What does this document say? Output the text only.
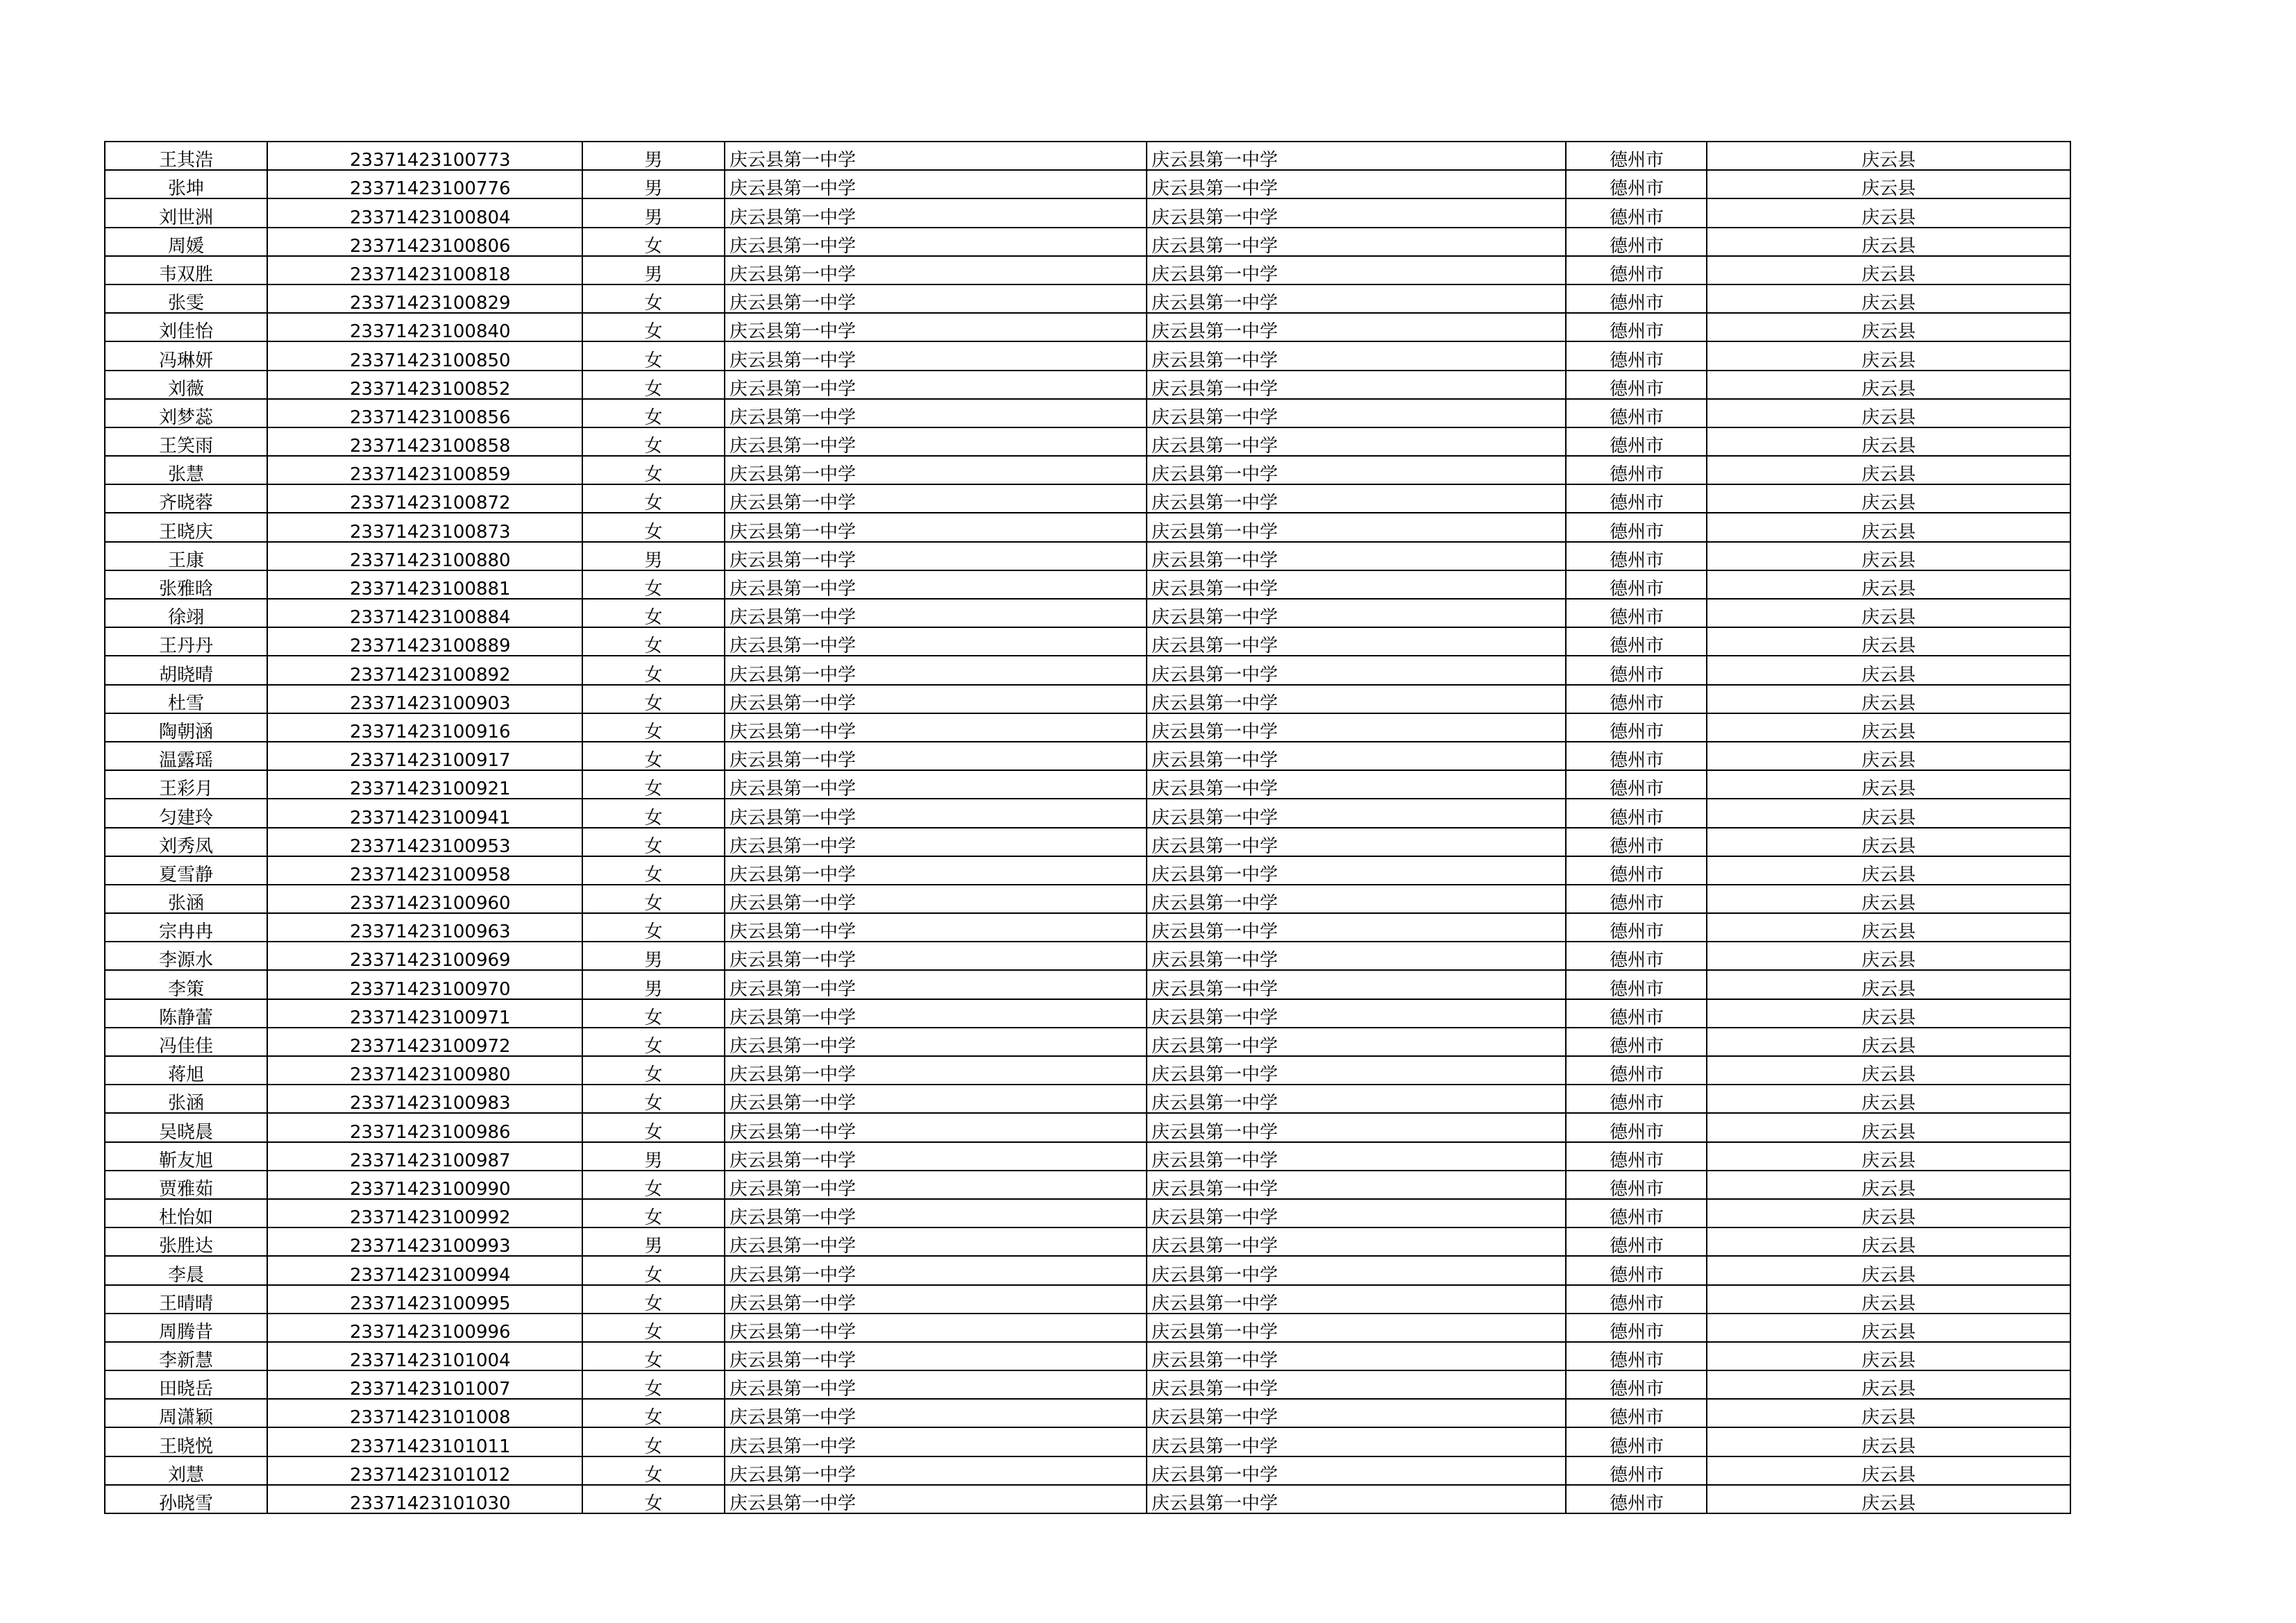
王其浩	23371423100773	男	庆云县第一中学	庆云县第一中学	德州市	庆云县
张坤	23371423100776	男	庆云县第一中学	庆云县第一中学	德州市	庆云县
刘世洲	23371423100804	男	庆云县第一中学	庆云县第一中学	德州市	庆云县
周媛	23371423100806	女	庆云县第一中学	庆云县第一中学	德州市	庆云县
韦双胜	23371423100818	男	庆云县第一中学	庆云县第一中学	德州市	庆云县
张雯	23371423100829	女	庆云县第一中学	庆云县第一中学	德州市	庆云县
刘佳怡	23371423100840	女	庆云县第一中学	庆云县第一中学	德州市	庆云县
冯琳妍	23371423100850	女	庆云县第一中学	庆云县第一中学	德州市	庆云县
刘薇	23371423100852	女	庆云县第一中学	庆云县第一中学	德州市	庆云县
刘梦蕊	23371423100856	女	庆云县第一中学	庆云县第一中学	德州市	庆云县
王笑雨	23371423100858	女	庆云县第一中学	庆云县第一中学	德州市	庆云县
张慧	23371423100859	女	庆云县第一中学	庆云县第一中学	德州市	庆云县
齐晓蓉	23371423100872	女	庆云县第一中学	庆云县第一中学	德州市	庆云县
王晓庆	23371423100873	女	庆云县第一中学	庆云县第一中学	德州市	庆云县
王康	23371423100880	男	庆云县第一中学	庆云县第一中学	德州市	庆云县
张雅晗	23371423100881	女	庆云县第一中学	庆云县第一中学	德州市	庆云县
徐翊	23371423100884	女	庆云县第一中学	庆云县第一中学	德州市	庆云县
王丹丹	23371423100889	女	庆云县第一中学	庆云县第一中学	德州市	庆云县
胡晓晴	23371423100892	女	庆云县第一中学	庆云县第一中学	德州市	庆云县
杜雪	23371423100903	女	庆云县第一中学	庆云县第一中学	德州市	庆云县
陶朝涵	23371423100916	女	庆云县第一中学	庆云县第一中学	德州市	庆云县
温露瑶	23371423100917	女	庆云县第一中学	庆云县第一中学	德州市	庆云县
王彩月	23371423100921	女	庆云县第一中学	庆云县第一中学	德州市	庆云县
匀建玲	23371423100941	女	庆云县第一中学	庆云县第一中学	德州市	庆云县
刘秀凤	23371423100953	女	庆云县第一中学	庆云县第一中学	德州市	庆云县
夏雪静	23371423100958	女	庆云县第一中学	庆云县第一中学	德州市	庆云县
张涵	23371423100960	女	庆云县第一中学	庆云县第一中学	德州市	庆云县
宗冉冉	23371423100963	女	庆云县第一中学	庆云县第一中学	德州市	庆云县
李源水	23371423100969	男	庆云县第一中学	庆云县第一中学	德州市	庆云县
李策	23371423100970	男	庆云县第一中学	庆云县第一中学	德州市	庆云县
陈静蕾	23371423100971	女	庆云县第一中学	庆云县第一中学	德州市	庆云县
冯佳佳	23371423100972	女	庆云县第一中学	庆云县第一中学	德州市	庆云县
蒋旭	23371423100980	女	庆云县第一中学	庆云县第一中学	德州市	庆云县
张涵	23371423100983	女	庆云县第一中学	庆云县第一中学	德州市	庆云县
吴晓晨	23371423100986	女	庆云县第一中学	庆云县第一中学	德州市	庆云县
靳友旭	23371423100987	男	庆云县第一中学	庆云县第一中学	德州市	庆云县
贾雅茹	23371423100990	女	庆云县第一中学	庆云县第一中学	德州市	庆云县
杜怡如	23371423100992	女	庆云县第一中学	庆云县第一中学	德州市	庆云县
张胜达	23371423100993	男	庆云县第一中学	庆云县第一中学	德州市	庆云县
李晨	23371423100994	女	庆云县第一中学	庆云县第一中学	德州市	庆云县
王晴晴	23371423100995	女	庆云县第一中学	庆云县第一中学	德州市	庆云县
周腾昔	23371423100996	女	庆云县第一中学	庆云县第一中学	德州市	庆云县
李新慧	23371423101004	女	庆云县第一中学	庆云县第一中学	德州市	庆云县
田晓岳	23371423101007	女	庆云县第一中学	庆云县第一中学	德州市	庆云县
周潇颖	23371423101008	女	庆云县第一中学	庆云县第一中学	德州市	庆云县
王晓悦	23371423101011	女	庆云县第一中学	庆云县第一中学	德州市	庆云县
刘慧	23371423101012	女	庆云县第一中学	庆云县第一中学	德州市	庆云县
孙晓雪	23371423101030	女	庆云县第一中学	庆云县第一中学	德州市	庆云县
